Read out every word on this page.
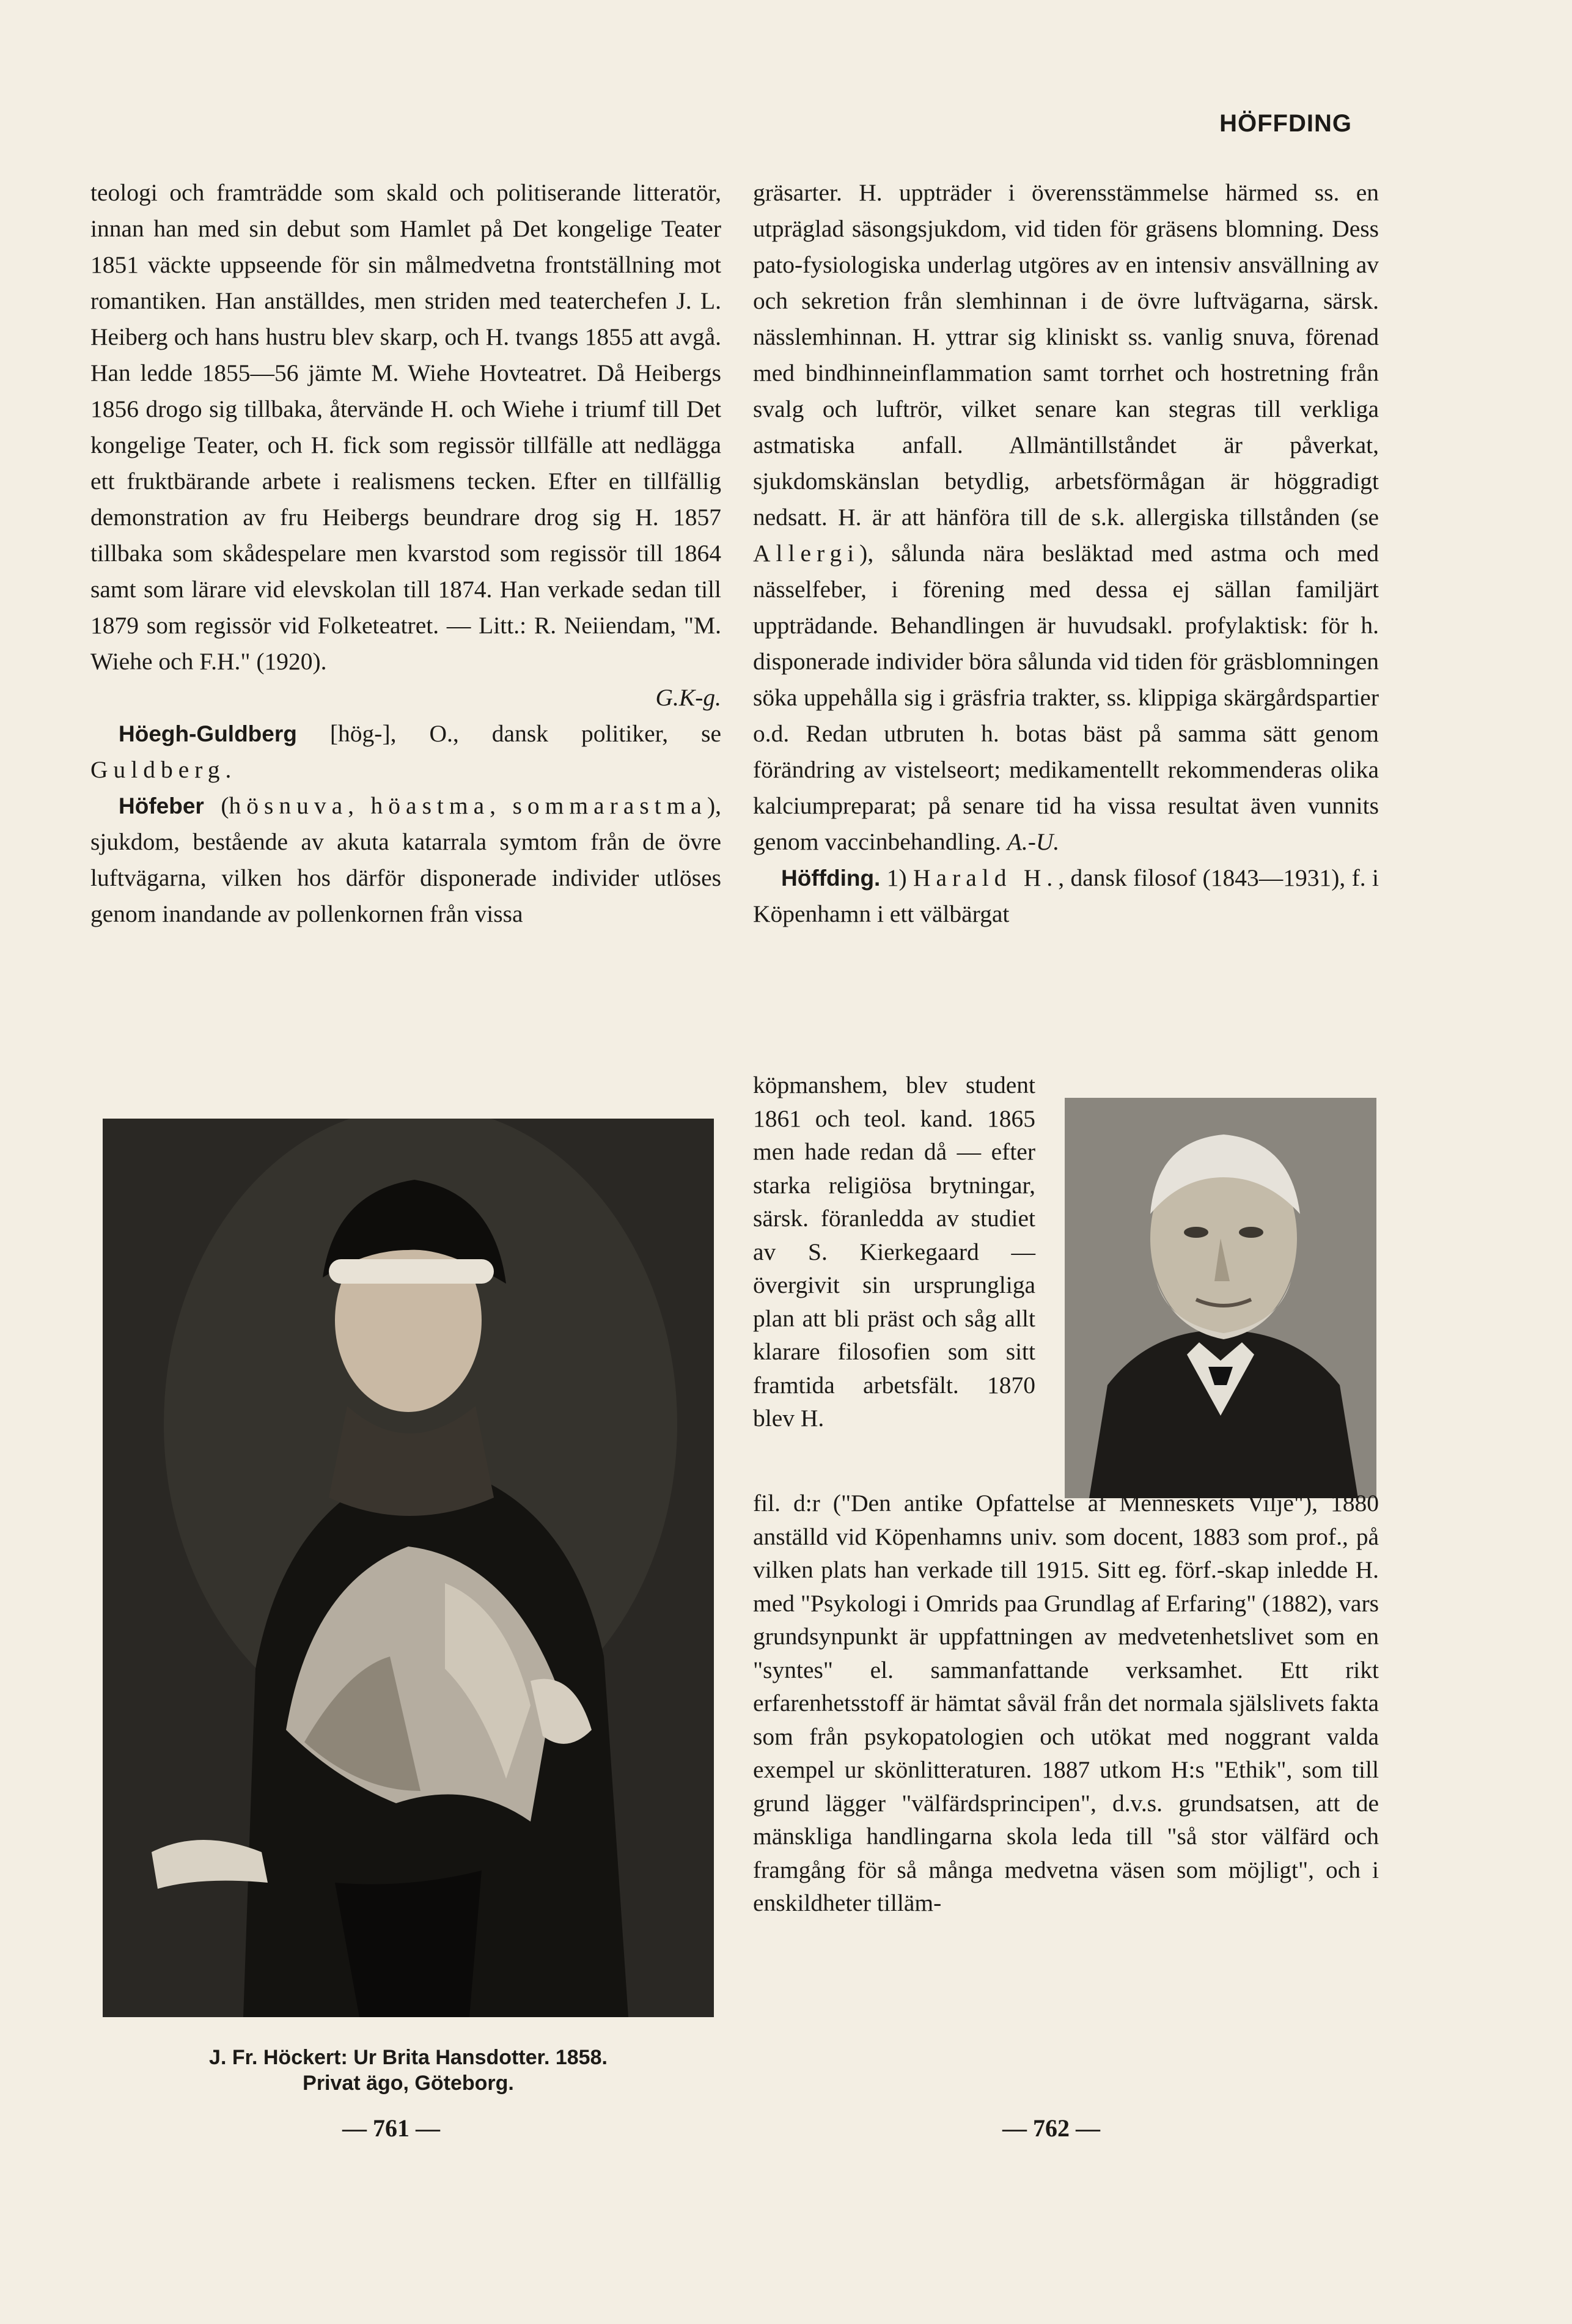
HÖFFDING

teologi och framträdde som skald och politiserande litteratör, innan han med sin debut som Hamlet på Det kongelige Teater 1851 väckte uppseende för sin målmedvetna frontställning mot romantiken. Han anställdes, men striden med teaterchefen J. L. Heiberg och hans hustru blev skarp, och H. tvangs 1855 att avgå. Han ledde 1855—56 jämte M. Wiehe Hovteatret. Då Heibergs 1856 drogo sig tillbaka, återvände H. och Wiehe i triumf till Det kongelige Teater, och H. fick som regissör tillfälle att nedlägga ett fruktbärande arbete i realismens tecken. Efter en tillfällig demonstration av fru Heibergs beundrare drog sig H. 1857 tillbaka som skådespelare men kvarstod som regissör till 1864 samt som lärare vid elevskolan till 1874. Han verkade sedan till 1879 som regissör vid Folketeatret. — Litt.: R. Neiiendam, "M. Wiehe och F.H." (1920).

G.K-g.

Höegh-Guldberg [hög-], O., dansk politiker, se Guldberg.

Höfeber (hösnuva, höastma, sommarastma), sjukdom, bestående av akuta katarrala symtom från de övre luftvägarna, vilken hos därför disponerade individer utlöses genom inandande av pollenkornen från vissa

J. Fr. Höckert: Ur Brita Hansdotter. 1858.
Privat ägo, Göteborg.

gräsarter. H. uppträder i överensstämmelse härmed ss. en utpräglad säsongsjukdom, vid tiden för gräsens blomning. Dess pato-fysiologiska underlag utgöres av en intensiv ansvällning av och sekretion från slemhinnan i de övre luftvägarna, särsk. nässlemhinnan. H. yttrar sig kliniskt ss. vanlig snuva, förenad med bindhinneinflammation samt torrhet och hostretning från svalg och luftrör, vilket senare kan stegras till verkliga astmatiska anfall. Allmäntillståndet är påverkat, sjukdomskänslan betydlig, arbetsförmågan är höggradigt nedsatt. H. är att hänföra till de s.k. allergiska tillstånden (se Allergi), sålunda nära besläktad med astma och med nässelfeber, i förening med dessa ej sällan familjärt uppträdande. Behandlingen är huvudsakl. profylaktisk: för h. disponerade individer böra sålunda vid tiden för gräsblomningen söka uppehålla sig i gräsfria trakter, ss. klippiga skärgårdspartier o.d. Redan utbruten h. botas bäst på samma sätt genom förändring av vistelseort; medikamentellt rekommenderas olika kalciumpreparat; på senare tid ha vissa resultat även vunnits genom vaccinbehandling. A.-U.

Höffding. 1) Harald H., dansk filosof (1843—1931), f. i Köpenhamn i ett välbärgat

köpmanshem, blev student 1861 och teol. kand. 1865 men hade redan då — efter starka religiösa brytningar, särsk. föranledda av studiet av S. Kierkegaard — övergivit sin ursprungliga plan att bli präst och såg allt klarare filosofien som sitt framtida arbetsfält. 1870 blev H.

fil. d:r ("Den antike Opfattelse af Menneskets Vilje"), 1880 anställd vid Köpenhamns univ. som docent, 1883 som prof., på vilken plats han verkade till 1915. Sitt eg. förf.-skap inledde H. med "Psykologi i Omrids paa Grundlag af Erfaring" (1882), vars grundsynpunkt är uppfattningen av medvetenhetslivet som en "syntes" el. sammanfattande verksamhet. Ett rikt erfarenhetsstoff är hämtat såväl från det normala själslivets fakta som från psykopatologien och utökat med noggrant valda exempel ur skönlitteraturen. 1887 utkom H:s "Ethik", som till grund lägger "välfärdsprincipen", d.v.s. grundsatsen, att de mänskliga handlingarna skola leda till "så stor välfärd och framgång för så många medvetna väsen som möjligt", och i enskildheter tilläm-

— 761 —	— 762 —
